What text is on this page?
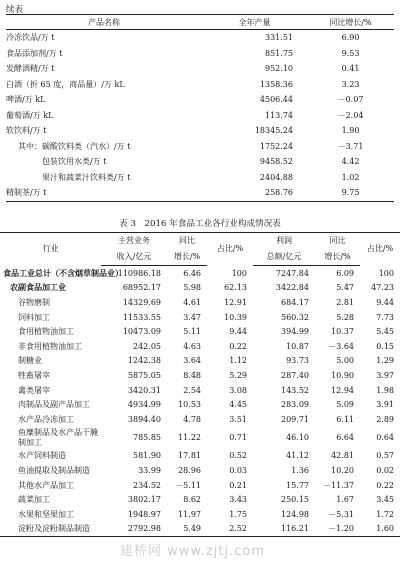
续表
产品名称	全年产量	同比增长/%
冷冻饮品/万 t	331.51	6.90
食品添加剂/万 t	851.75	9.53
发酵酒精/万 t	952.10	0.41
白酒（折 65 度，商品量）/万 kL	1358.36	3.23
啤酒/万 kL	4506.44	－0.07
葡萄酒/万 kL	113.74	－2.04
软饮料/万 t	18345.24	1.90
其中：碳酸饮料类（汽水）/万 t	1752.24	－3.71
包装饮用水类/万 t	9458.52	4.42
果汁和蔬菜汁饮料类/万 t	2404.88	1.02
精制茶/万 t	258.76	9.75
表 3　2016 年食品工业各行业构成情况表
行业	主营业务	同比	占比/%	利润	同比	占比/%
	收入/亿元	增长/%		总额/亿元	增长/%	
食品工业总计（不含烟草制品业）	110986.18	6.46	100	7247.84	6.09	100
农副食品加工业	68952.17	5.98	62.13	3422.84	5.47	47.23
谷物磨制	14329.69	4.61	12.91	684.17	2.81	9.44
饲料加工	11533.55	3.47	10.39	560.32	5.28	7.73
食用植物油加工	10473.09	5.11	9.44	394.99	10.37	5.45
非食用植物油加工	242.05	4.63	0.22	10.87	－3.64	0.15
制糖业	1242.38	3.64	1.12	93.73	5.00	1.29
牲畜屠宰	5875.05	8.48	5.29	287.40	10.90	3.97
禽类屠宰	3420.31	2.54	3.08	143.52	12.94	1.98
肉制品及副产品加工	4934.99	10.53	4.45	283.09	5.09	3.91
水产品冷冻加工	3894.40	4.78	3.51	209.71	6.11	2.89
鱼糜制品及水产品干腌制加工	785.85	11.22	0.71	46.10	6.64	0.64
水产饲料制造	581.90	17.81	0.52	41.12	42.81	0.57
鱼油提取及制品制造	33.99	28.96	0.03	1.36	10.20	0.02
其他水产品加工	234.52	－5.11	0.21	15.77	－11.37	0.22
蔬菜加工	3802.17	8.62	3.43	250.15	1.67	3.45
水果和坚果加工	1948.97	11.97	1.75	124.98	－5.31	1.72
淀粉及淀粉制品制造	2792.98	5.49	2.52	116.21	－1.20	1.60
建桥网 www.zjtj.com
